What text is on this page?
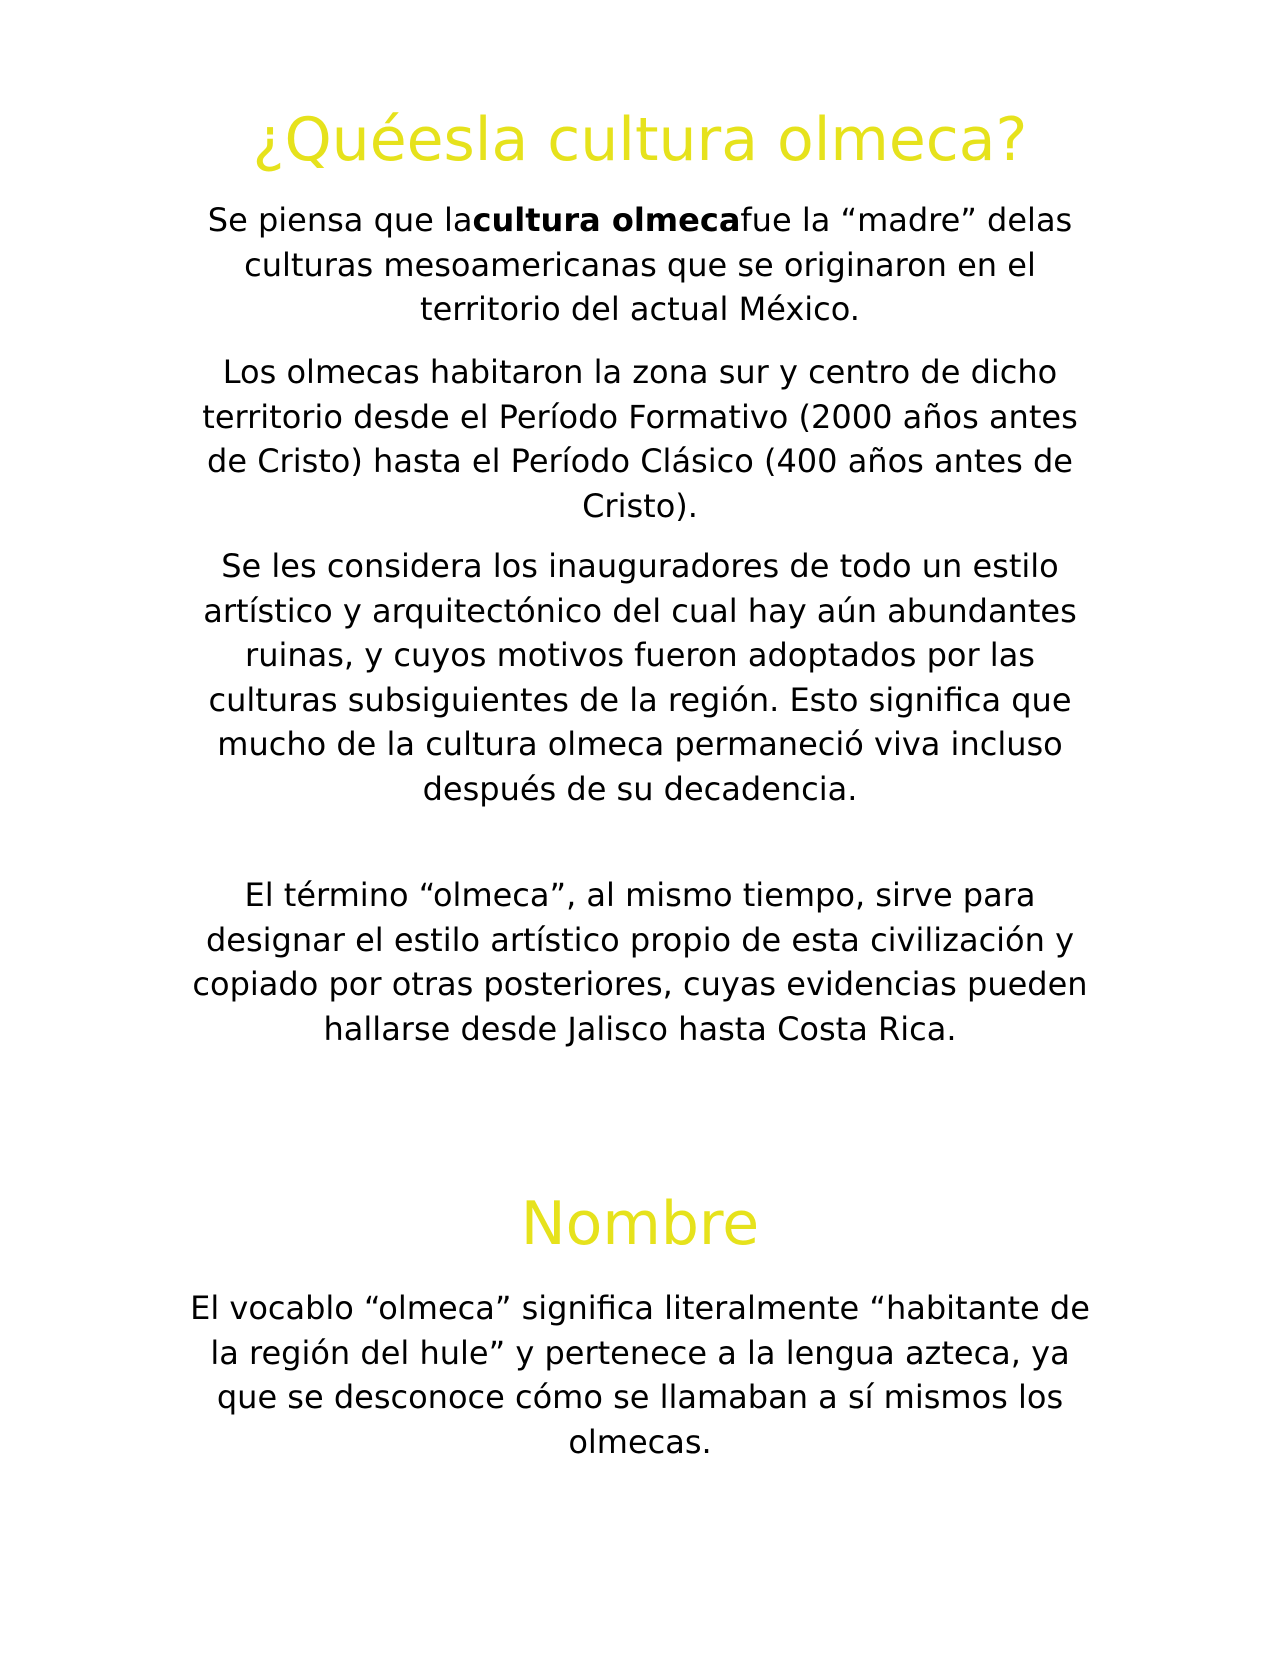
¿Quéesla cultura olmeca?

Se piensa que lacultura olmecafue la “madre” delas culturas mesoamericanas que se originaron en el territorio del actual México.

Los olmecas habitaron la zona sur y centro de dicho territorio desde el Período Formativo (2000 años antes de Cristo) hasta el Período Clásico (400 años antes de Cristo).

Se les considera los inauguradores de todo un estilo artístico y arquitectónico del cual hay aún abundantes ruinas, y cuyos motivos fueron adoptados por las culturas subsiguientes de la región. Esto significa que mucho de la cultura olmeca permaneció viva incluso después de su decadencia.

El término “olmeca”, al mismo tiempo, sirve para designar el estilo artístico propio de esta civilización y copiado por otras posteriores, cuyas evidencias pueden hallarse desde Jalisco hasta Costa Rica.

Nombre

El vocablo “olmeca” significa literalmente “habitante de la región del hule” y pertenece a la lengua azteca, ya que se desconoce cómo se llamaban a sí mismos los olmecas.
